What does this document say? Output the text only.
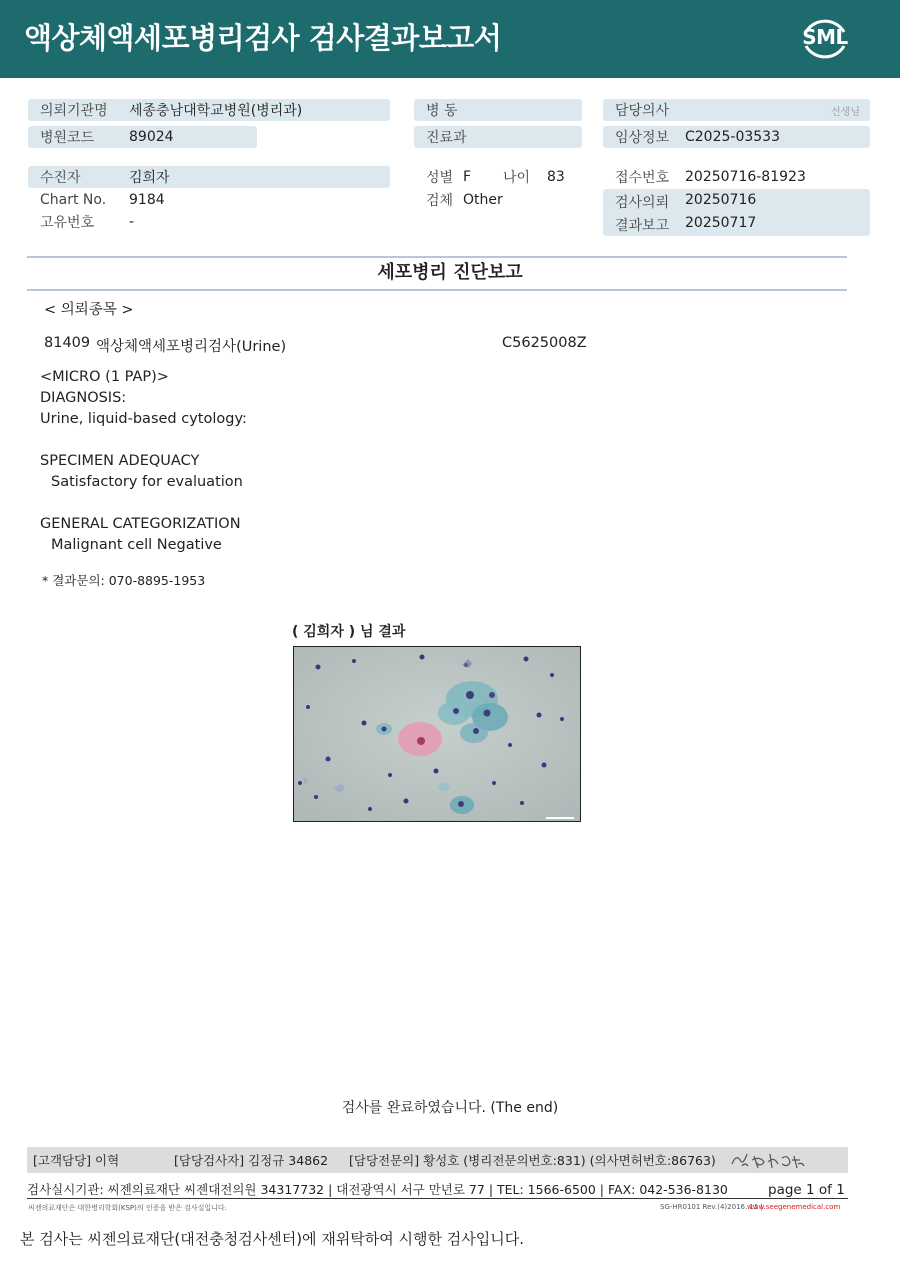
액상체액세포병리검사 검사결과보고서	SML
의뢰기관명 세종충남대학교병원(병리과)
병원코드 89024
수진자	김희자
Chart No. 9184
고유번호 -
병 동
진료과
성별 F 나이 83
검체 Other
담당의사	선생님
임상정보 C2025-03533
접수번호 20250716-81923
검사의뢰 20250716
결과보고 20250717
세포병리 진단보고
< 의뢰종목 >
81409 액상체액세포병리검사(Urine)	C5625008Z
<MICRO (1 PAP)>
DIAGNOSIS:
Urine, liquid-based cytology:
SPECIMEN ADEQUACY
Satisfactory for evaluation
GENERAL CATEGORIZATION
Malignant cell Negative
* 결과문의: 070-8895-1953
( 김희자 ) 님 결과
검사를 완료하였습니다. (The end)
[고객담당] 이혁	[담당검사자] 김정규 34862 [담당전문의] 황성호 (병리전문의번호:831) (의사면허번호:86763)
검사실시기관: 씨젠의료재단 씨젠대전의원 34317732 | 대전광역시 서구 만년로 77 | TEL: 1566-6500 | FAX: 042-536-8130	page 1 of 1
씨젠의료재단은 대한병리학회(KSP)의 인증을 받은 검사실입니다.	SG-HR0101 Rev.(4)2016. 11 |
www.seegenemedical.com
본 검사는 씨젠의료재단(대전충청검사센터)에 재위탁하여 시행한 검사입니다.
